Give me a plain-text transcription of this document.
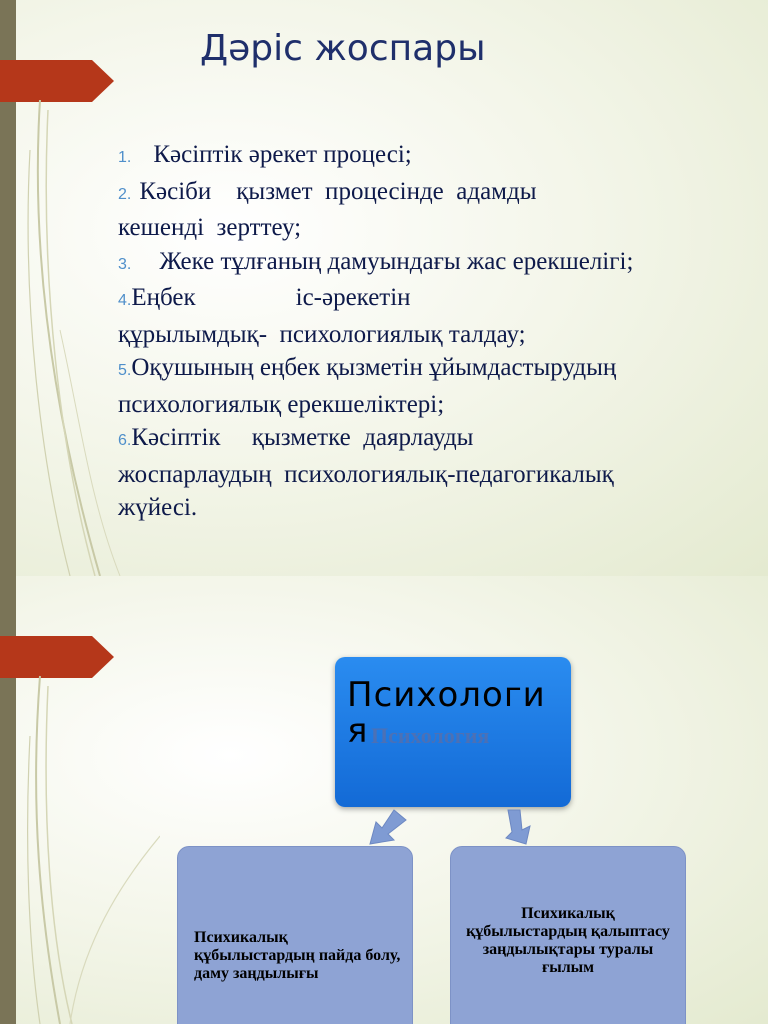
Дәріс жоспары

1. Кәсіптік әрекет процесі;

2. Кәсіби    қызмет  процесінде  адамды
кешенді  зерттеу;

3. Жеке тұлғаның дамуындағы жас ерекшелігі;

4.Еңбек                іс-әрекетін
құрылымдық-  психологиялық талдау;

5.Оқушының еңбек қызметін ұйымдастырудың
психологиялық ерекшеліктері;

6.Кәсіптік     қызметке  даярлауды
жоспарлаудың  психологиялық-педагогикалық
жүйесі.

Психология
Психология
Психикалық құбылыстардың пайда болу, даму заңдылығы
Психикалық құбылыстардың қалыптасу заңдылықтары туралы ғылым
